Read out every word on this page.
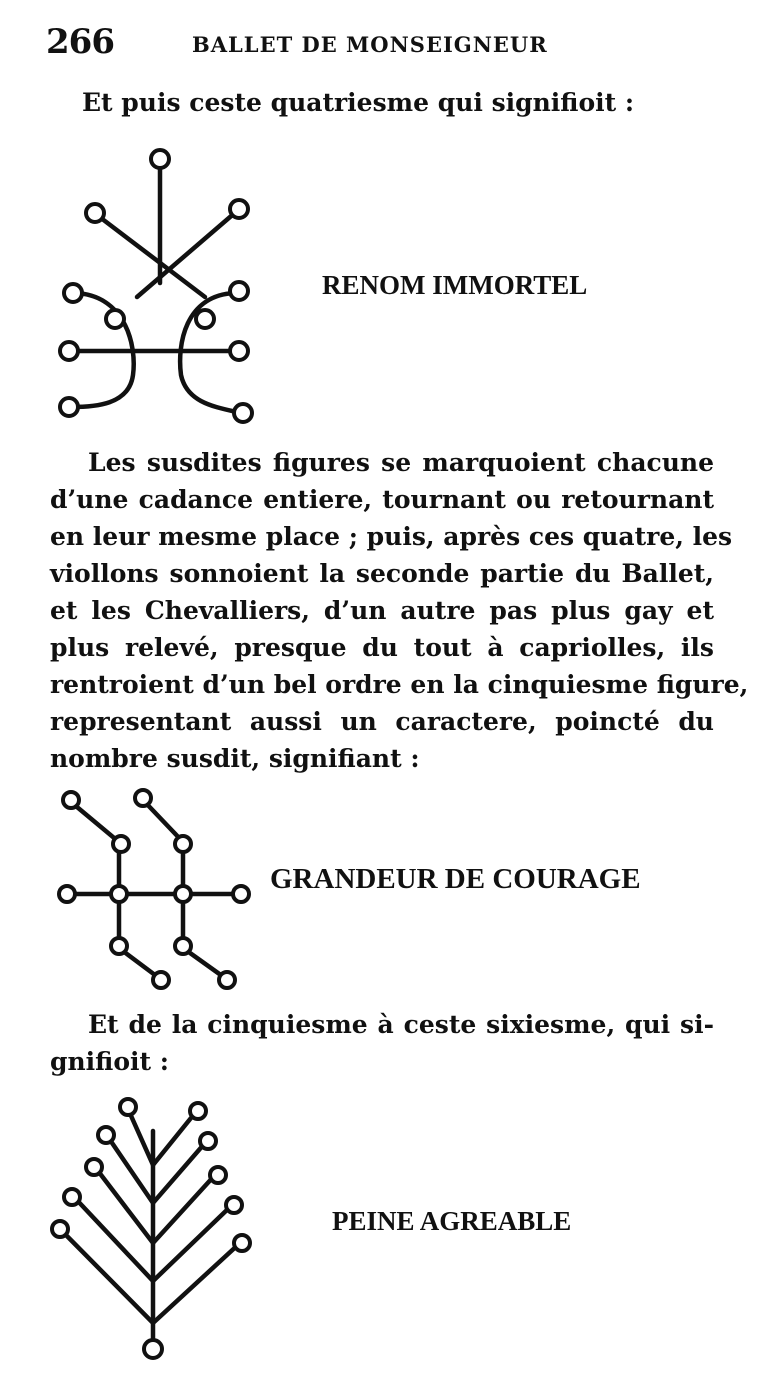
266	BALLET DE MONSEIGNEUR
Et puis ceste quatriesme qui signifioit :
RENOM IMMORTEL
Les susdites figures se marquoient chacune
d’une cadance entiere, tournant ou retournant
en leur mesme place ; puis, après ces quatre, les
viollons sonnoient la seconde partie du Ballet,
et les Chevalliers, d’un autre pas plus gay et
plus relevé, presque du tout à capriolles, ils
rentroient d’un bel ordre en la cinquiesme figure,
representant aussi un caractere, poincté du
nombre susdit, signifiant :
GRANDEUR DE COURAGE
Et de la cinquiesme à ceste sixiesme, qui si-
gnifioit :
PEINE AGREABLE
